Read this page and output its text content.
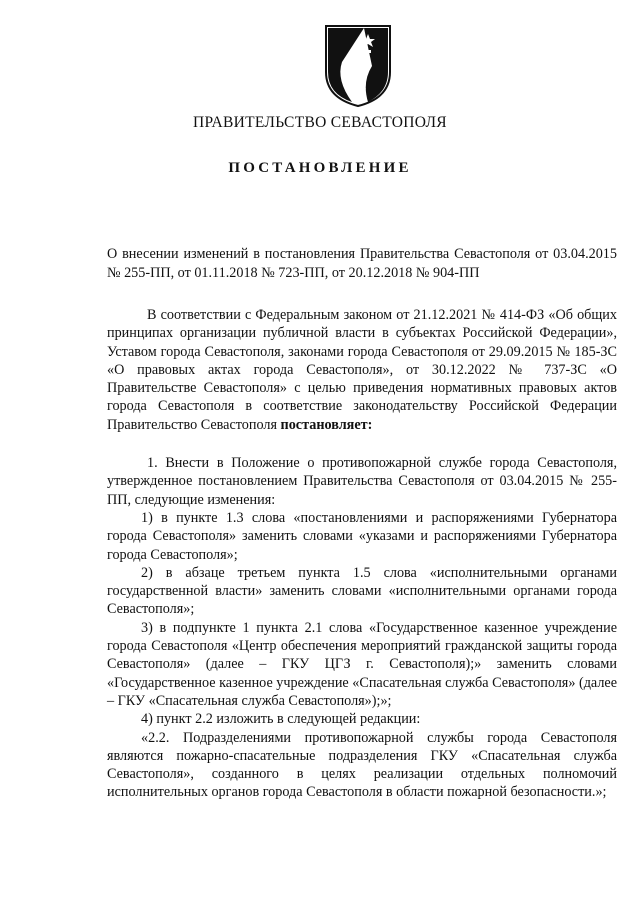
ПРАВИТЕЛЬСТВО СЕВАСТОПОЛЯ
ПОСТАНОВЛЕНИЕ
О внесении изменений в постановления Правительства Севастополя от 03.04.2015 № 255-ПП, от 01.11.2018 № 723-ПП, от 20.12.2018 № 904-ПП

В соответствии с Федеральным законом от 21.12.2021 № 414-ФЗ «Об общих принципах организации публичной власти в субъектах Российской Федерации», Уставом города Севастополя, законами города Севастополя от 29.09.2015 № 185-ЗС «О правовых актах города Севастополя», от 30.12.2022 № 737-ЗС «О Правительстве Севастополя» с целью приведения нормативных правовых актов города Севастополя в соответствие законодательству Российской Федерации Правительство Севастополя постановляет:

1. Внести в Положение о противопожарной службе города Севастополя, утвержденное постановлением Правительства Севастополя от 03.04.2015 № 255-ПП, следующие изменения:

1) в пункте 1.3 слова «постановлениями и распоряжениями Губернатора города Севастополя» заменить словами «указами и распоряжениями Губернатора города Севастополя»;

2) в абзаце третьем пункта 1.5 слова «исполнительными органами государственной власти» заменить словами «исполнительными органами города Севастополя»;

3) в подпункте 1 пункта 2.1 слова «Государственное казенное учреждение города Севастополя «Центр обеспечения мероприятий гражданской защиты города Севастополя» (далее – ГКУ ЦГЗ г. Севастополя);» заменить словами «Государственное казенное учреждение «Спасательная служба Севастополя» (далее – ГКУ «Спасательная служба Севастополя»);»;

4) пункт 2.2 изложить в следующей редакции:

«2.2. Подразделениями противопожарной службы города Севастополя являются пожарно-спасательные подразделения ГКУ «Спасательная служба Севастополя», созданного в целях реализации отдельных полномочий исполнительных органов города Севастополя в области пожарной безопасности.»;
